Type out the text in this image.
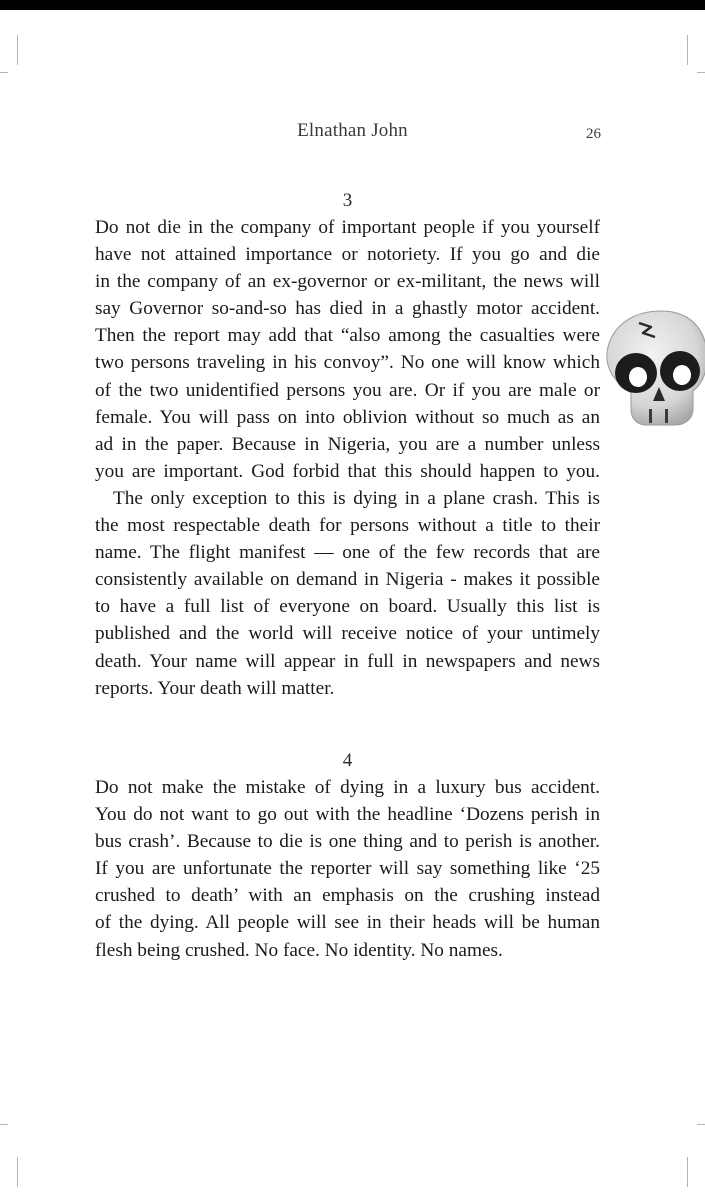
Elnathan John	26
3

Do not die in the company of important people if you yourself
have not attained importance or notoriety. If you go and die
in the company of an ex-governor or ex-militant, the news will
say Governor so-and-so has died in a ghastly motor accident.
Then the report may add that “also among the casualties were
two persons traveling in his convoy”. No one will know which
of the two unidentified persons you are. Or if you are male or
female. You will pass on into oblivion without so much as an
ad in the paper. Because in Nigeria, you are a number unless
you are important. God forbid that this should happen to you.

The only exception to this is dying in a plane crash. This is
the most respectable death for persons without a title to their
name. The flight manifest — one of the few records that are
consistently available on demand in Nigeria - makes it possible
to have a full list of everyone on board. Usually this list is
published and the world will receive notice of your untimely
death. Your name will appear in full in newspapers and news
reports. Your death will matter.

4

Do not make the mistake of dying in a luxury bus accident.
You do not want to go out with the headline ‘Dozens perish in
bus crash’. Because to die is one thing and to perish is another.
If you are unfortunate the reporter will say something like ‘25
crushed to death’ with an emphasis on the crushing instead
of the dying. All people will see in their heads will be human
flesh being crushed. No face. No identity. No names.
